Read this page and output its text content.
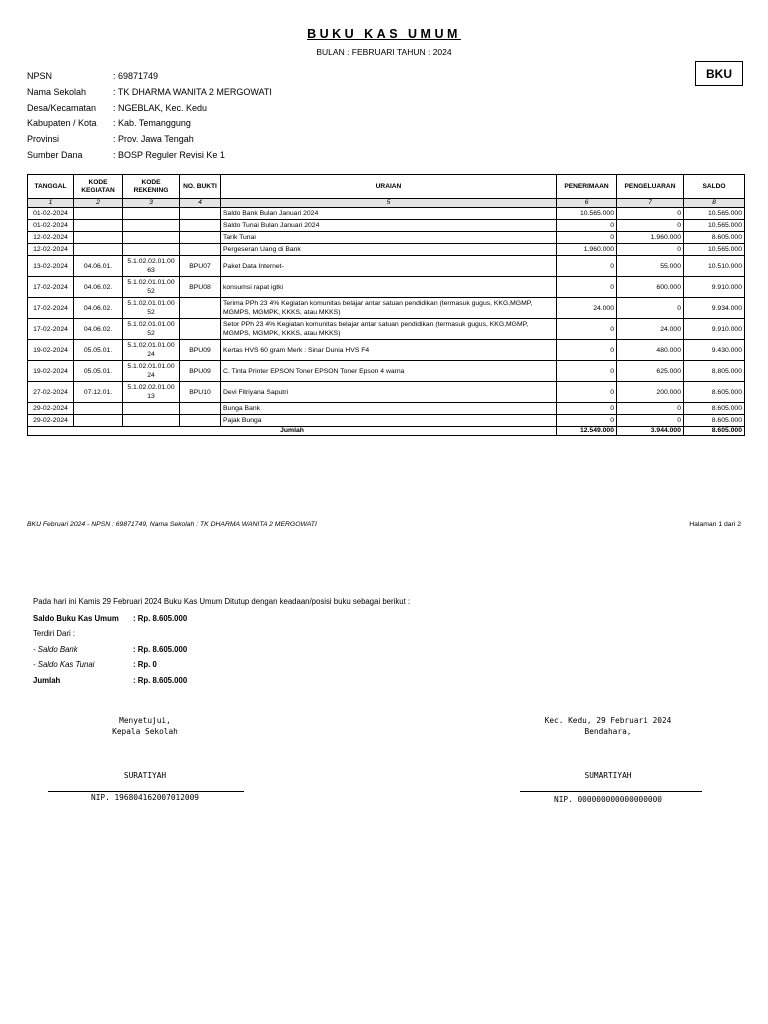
BUKU KAS UMUM
BULAN : FEBRUARI TAHUN : 2024
BKU
NPSN	: 69871749
Nama Sekolah	: TK DHARMA WANITA 2 MERGOWATI
Desa/Kecamatan	: NGEBLAK, Kec. Kedu
Kabupaten / Kota	: Kab. Temanggung
Provinsi	: Prov. Jawa Tengah
Sumber Dana	: BOSP Reguler Revisi Ke 1
TANGGAL	KODE KEGIATAN	KODE REKENING	NO. BUKTI	URAIAN	PENERIMAAN	PENGELUARAN	SALDO
1	2	3	4	5	6	7	8
01-02-2024				Saldo Bank Bulan Januari 2024	10.565.000	0	10.565.000
01-02-2024				Saldo Tunai Bulan Januari 2024	0	0	10.565.000
12-02-2024				Tarik Tunai	0	1.960.000	8.605.000
12-02-2024				Pergeseran Uang di Bank	1.960.000	0	10.565.000
13-02-2024	04.06.01.	5.1.02.02.01.00 63	BPU07	Paket Data Internet-	0	55.000	10.510.000
17-02-2024	04.06.02.	5.1.02.01.01.00 52	BPU08	konsumsi rapat igtki	0	600.000	9.910.000
17-02-2024	04.06.02.	5.1.02.01.01.00 52		Terima PPh 23 4% Kegiatan komunitas belajar antar satuan pendidikan (termasuk gugus, KKG,MGMP, MGMPS, MGMPK, KKKS, atau MKKS)	24.000	0	9.934.000
17-02-2024	04.06.02.	5.1.02.01.01.00 52		Setor PPh 23 4% Kegiatan komunitas belajar antar satuan pendidikan (termasuk gugus, KKG,MGMP, MGMPS, MGMPK, KKKS, atau MKKS)	0	24.000	9.910.000
19-02-2024	05.05.01.	5.1.02.01.01.00 24	BPU09	Kertas HVS 60 gram Merk : Sinar Dunia HVS F4	0	480.000	9.430.000
19-02-2024	05.05.01.	5.1.02.01.01.00 24	BPU09	C. Tinta Printer EPSON Toner EPSON Toner Epson 4 warna	0	625.000	8.805.000
27-02-2024	07.12.01.	5.1.02.02.01.00 13	BPU10	Devi Fitriyana Saputri	0	200.000	8.605.000
29-02-2024				Bunga Bank	0	0	8.605.000
29-02-2024				Pajak Bunga	0	0	8.605.000
Jumlah					12.549.000	3.944.000	8.605.000
BKU Februari 2024 - NPSN : 69871749, Nama Sekolah : TK DHARMA WANITA 2 MERGOWATI	Halaman 1 dari 2
Pada hari ini Kamis 29 Februari 2024 Buku Kas Umum Ditutup dengan keadaan/posisi buku sebagai berikut :
Saldo Buku Kas Umum : Rp. 8.605.000
Terdiri Dari :
- Saldo Bank	: Rp. 8.605.000
- Saldo Kas Tunai	: Rp. 0
Jumlah	: Rp. 8.605.000
Menyetujui,
Kepala Sekolah
SURATIYAH
NIP. 196804162007012009
Kec. Kedu, 29 Februari 2024
Bendahara,
SUMARTIYAH
NIP. 000000000000000000
